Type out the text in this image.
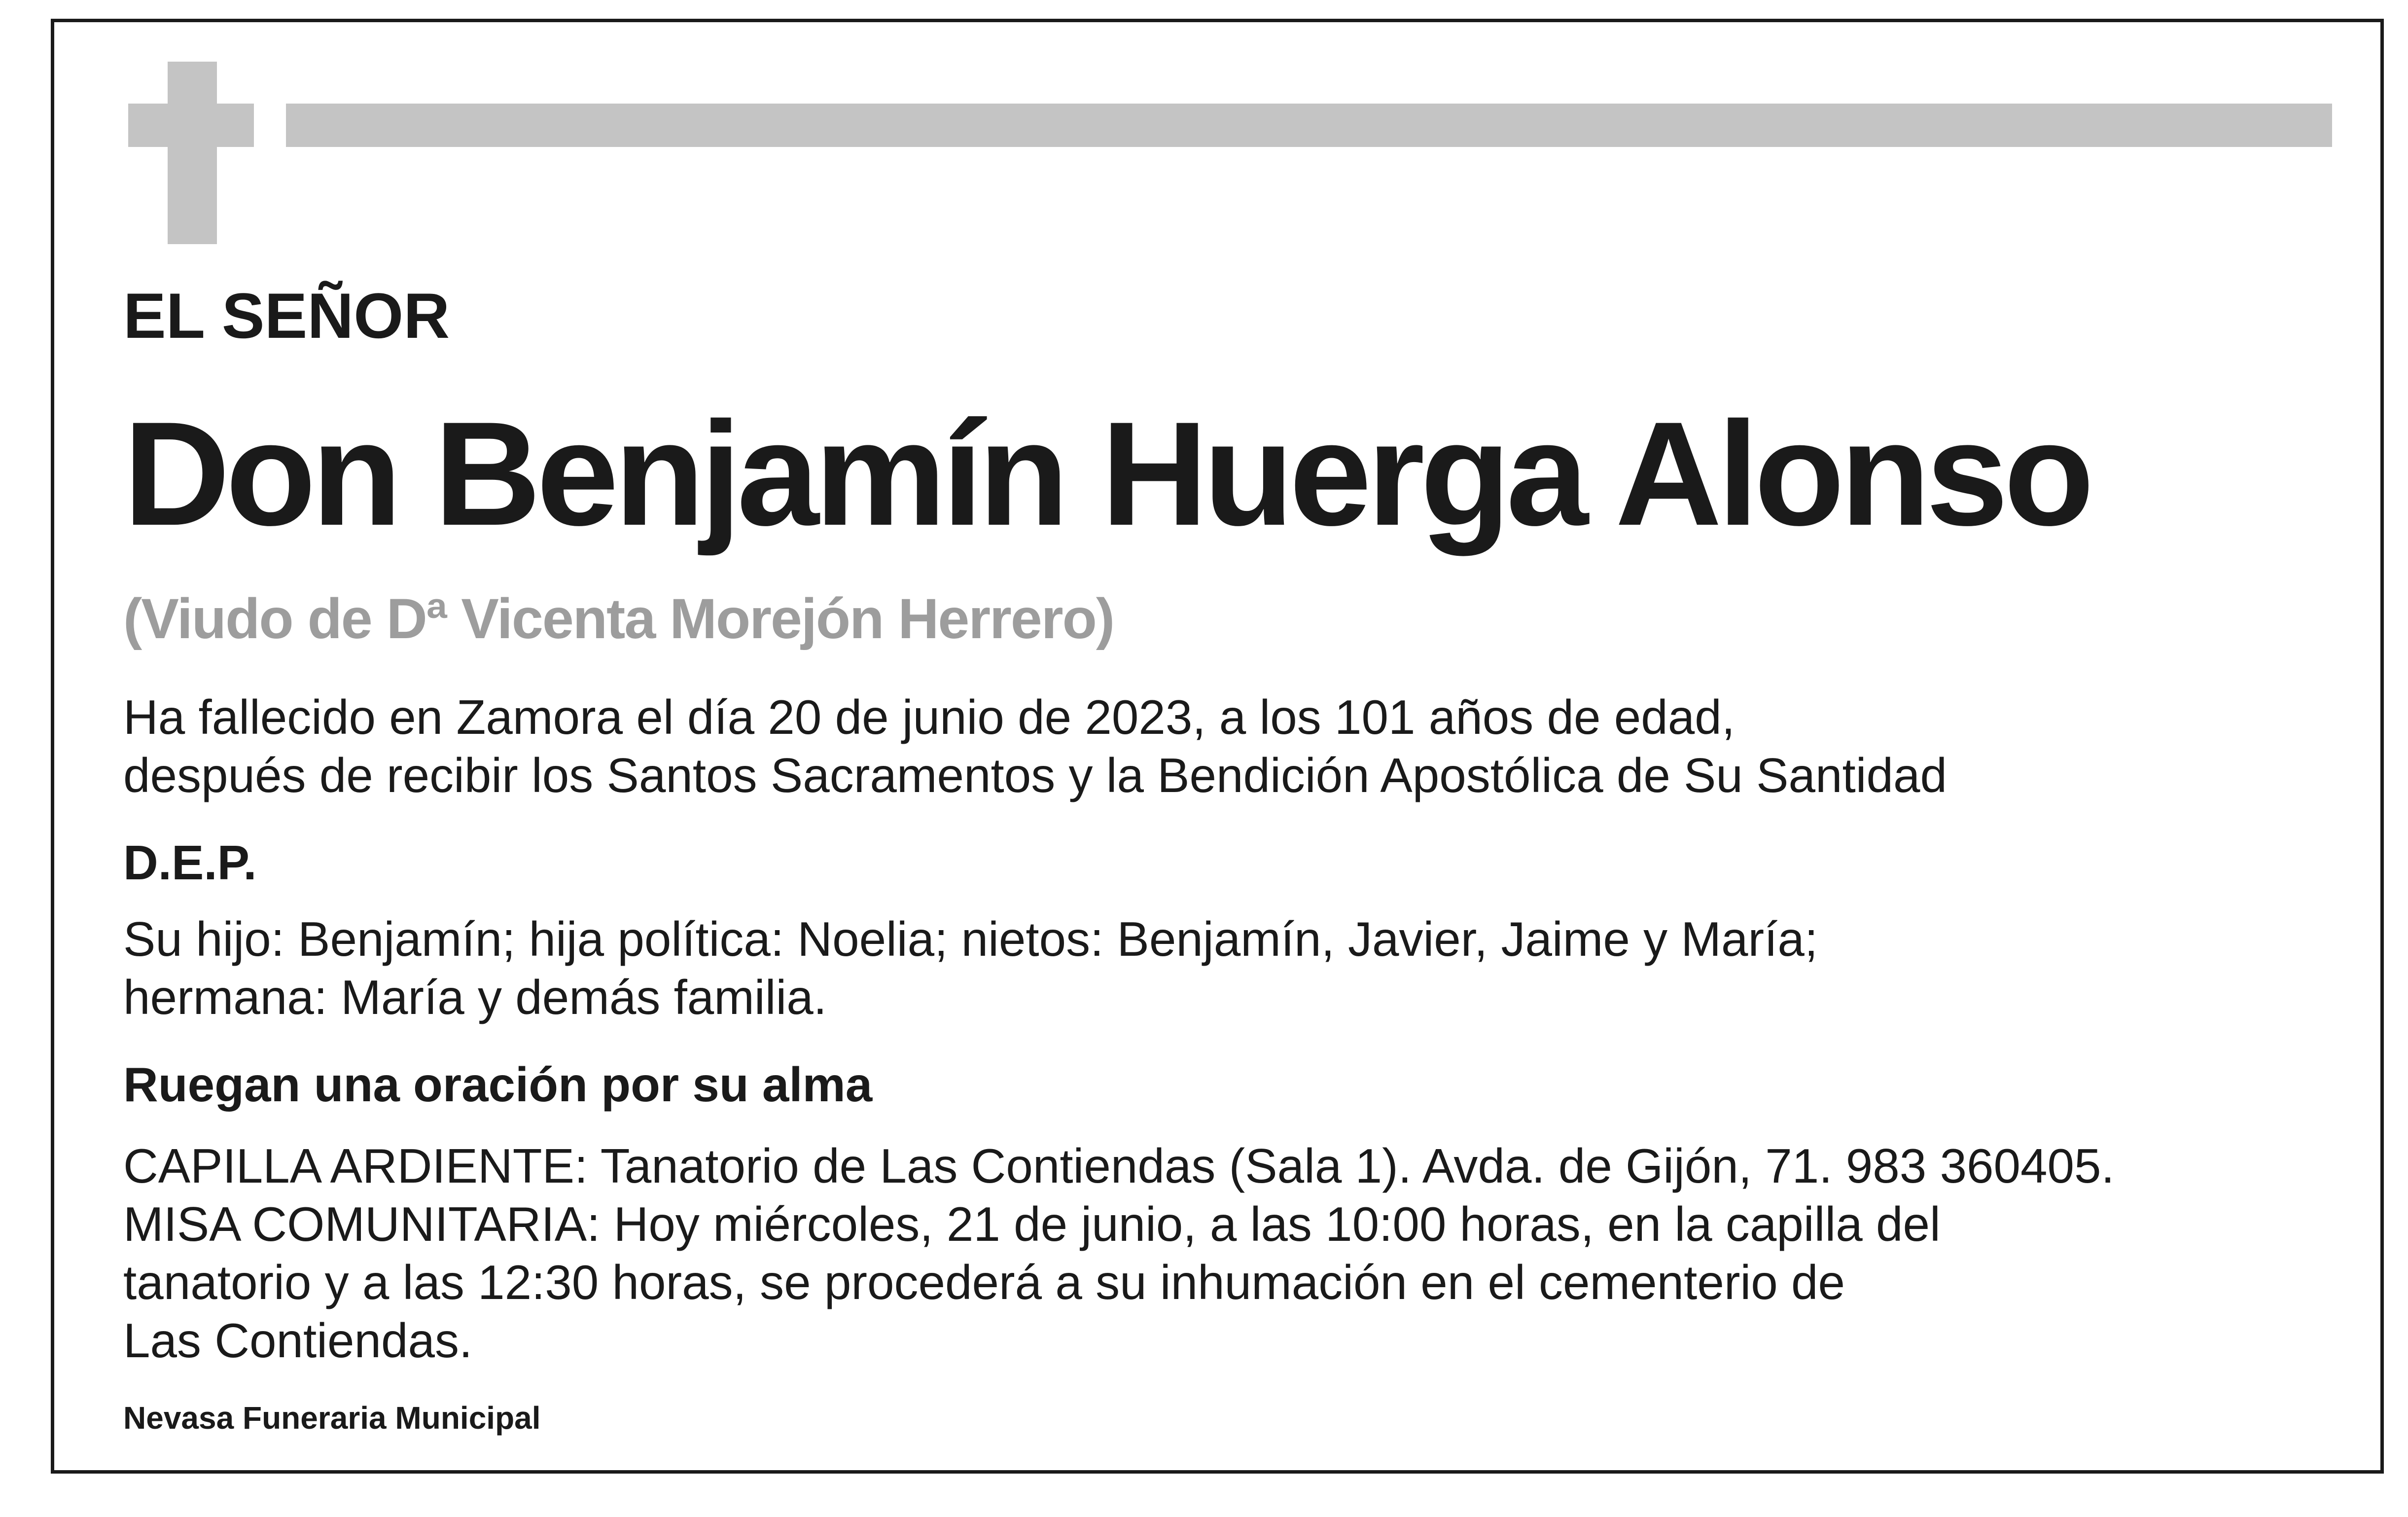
EL SEÑOR
Don Benjamín Huerga Alonso
(Viudo de Dª Vicenta Morejón Herrero)
Ha fallecido en Zamora el día 20 de junio de 2023, a los 101 años de edad,
después de recibir los Santos Sacramentos y la Bendición Apostólica de Su Santidad
D.E.P.
Su hijo: Benjamín; hija política: Noelia; nietos: Benjamín, Javier, Jaime y María;
hermana: María y demás familia.
Ruegan una oración por su alma
CAPILLA ARDIENTE: Tanatorio de Las Contiendas (Sala 1). Avda. de Gijón, 71. 983 360405.
MISA COMUNITARIA: Hoy miércoles, 21 de junio, a las 10:00 horas, en la capilla del
tanatorio y a las 12:30 horas, se procederá a su inhumación en el cementerio de
Las Contiendas.
Nevasa Funeraria Municipal
